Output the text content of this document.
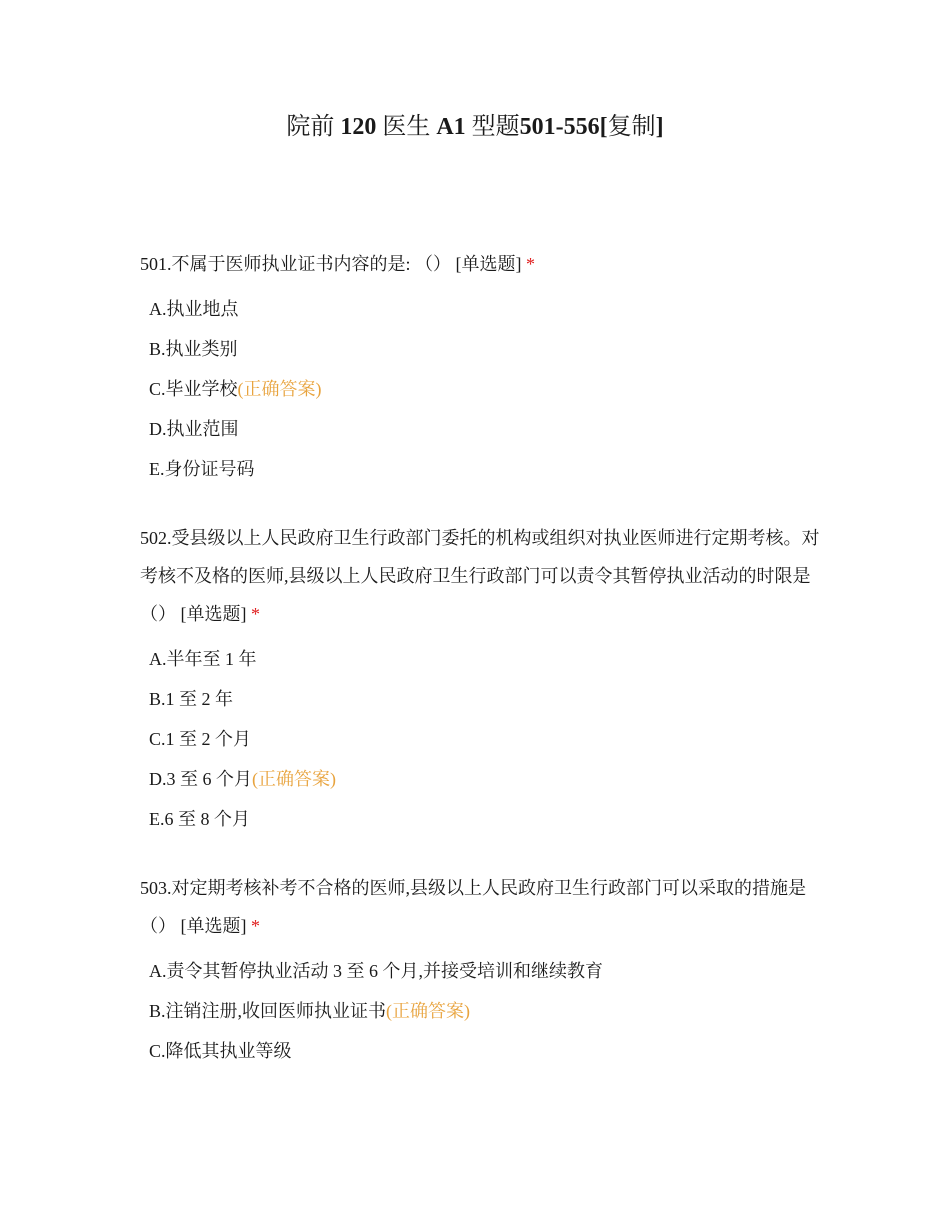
院前 120 医生 A1 型题501-556[复制]
501.不属于医师执业证书内容的是: （） [单选题] *
A.执业地点
B.执业类别
C.毕业学校(正确答案)
D.执业范围
E.身份证号码
502.受县级以上人民政府卫生行政部门委托的机构或组织对执业医师进行定期考核。对考核不及格的医师,县级以上人民政府卫生行政部门可以责令其暂停执业活动的时限是（） [单选题] *
A.半年至 1 年
B.1 至 2 年
C.1 至 2 个月
D.3 至 6 个月(正确答案)
E.6 至 8 个月
503.对定期考核补考不合格的医师,县级以上人民政府卫生行政部门可以采取的措施是（） [单选题] *
A.责令其暂停执业活动 3 至 6 个月,并接受培训和继续教育
B.注销注册,收回医师执业证书(正确答案)
C.降低其执业等级
